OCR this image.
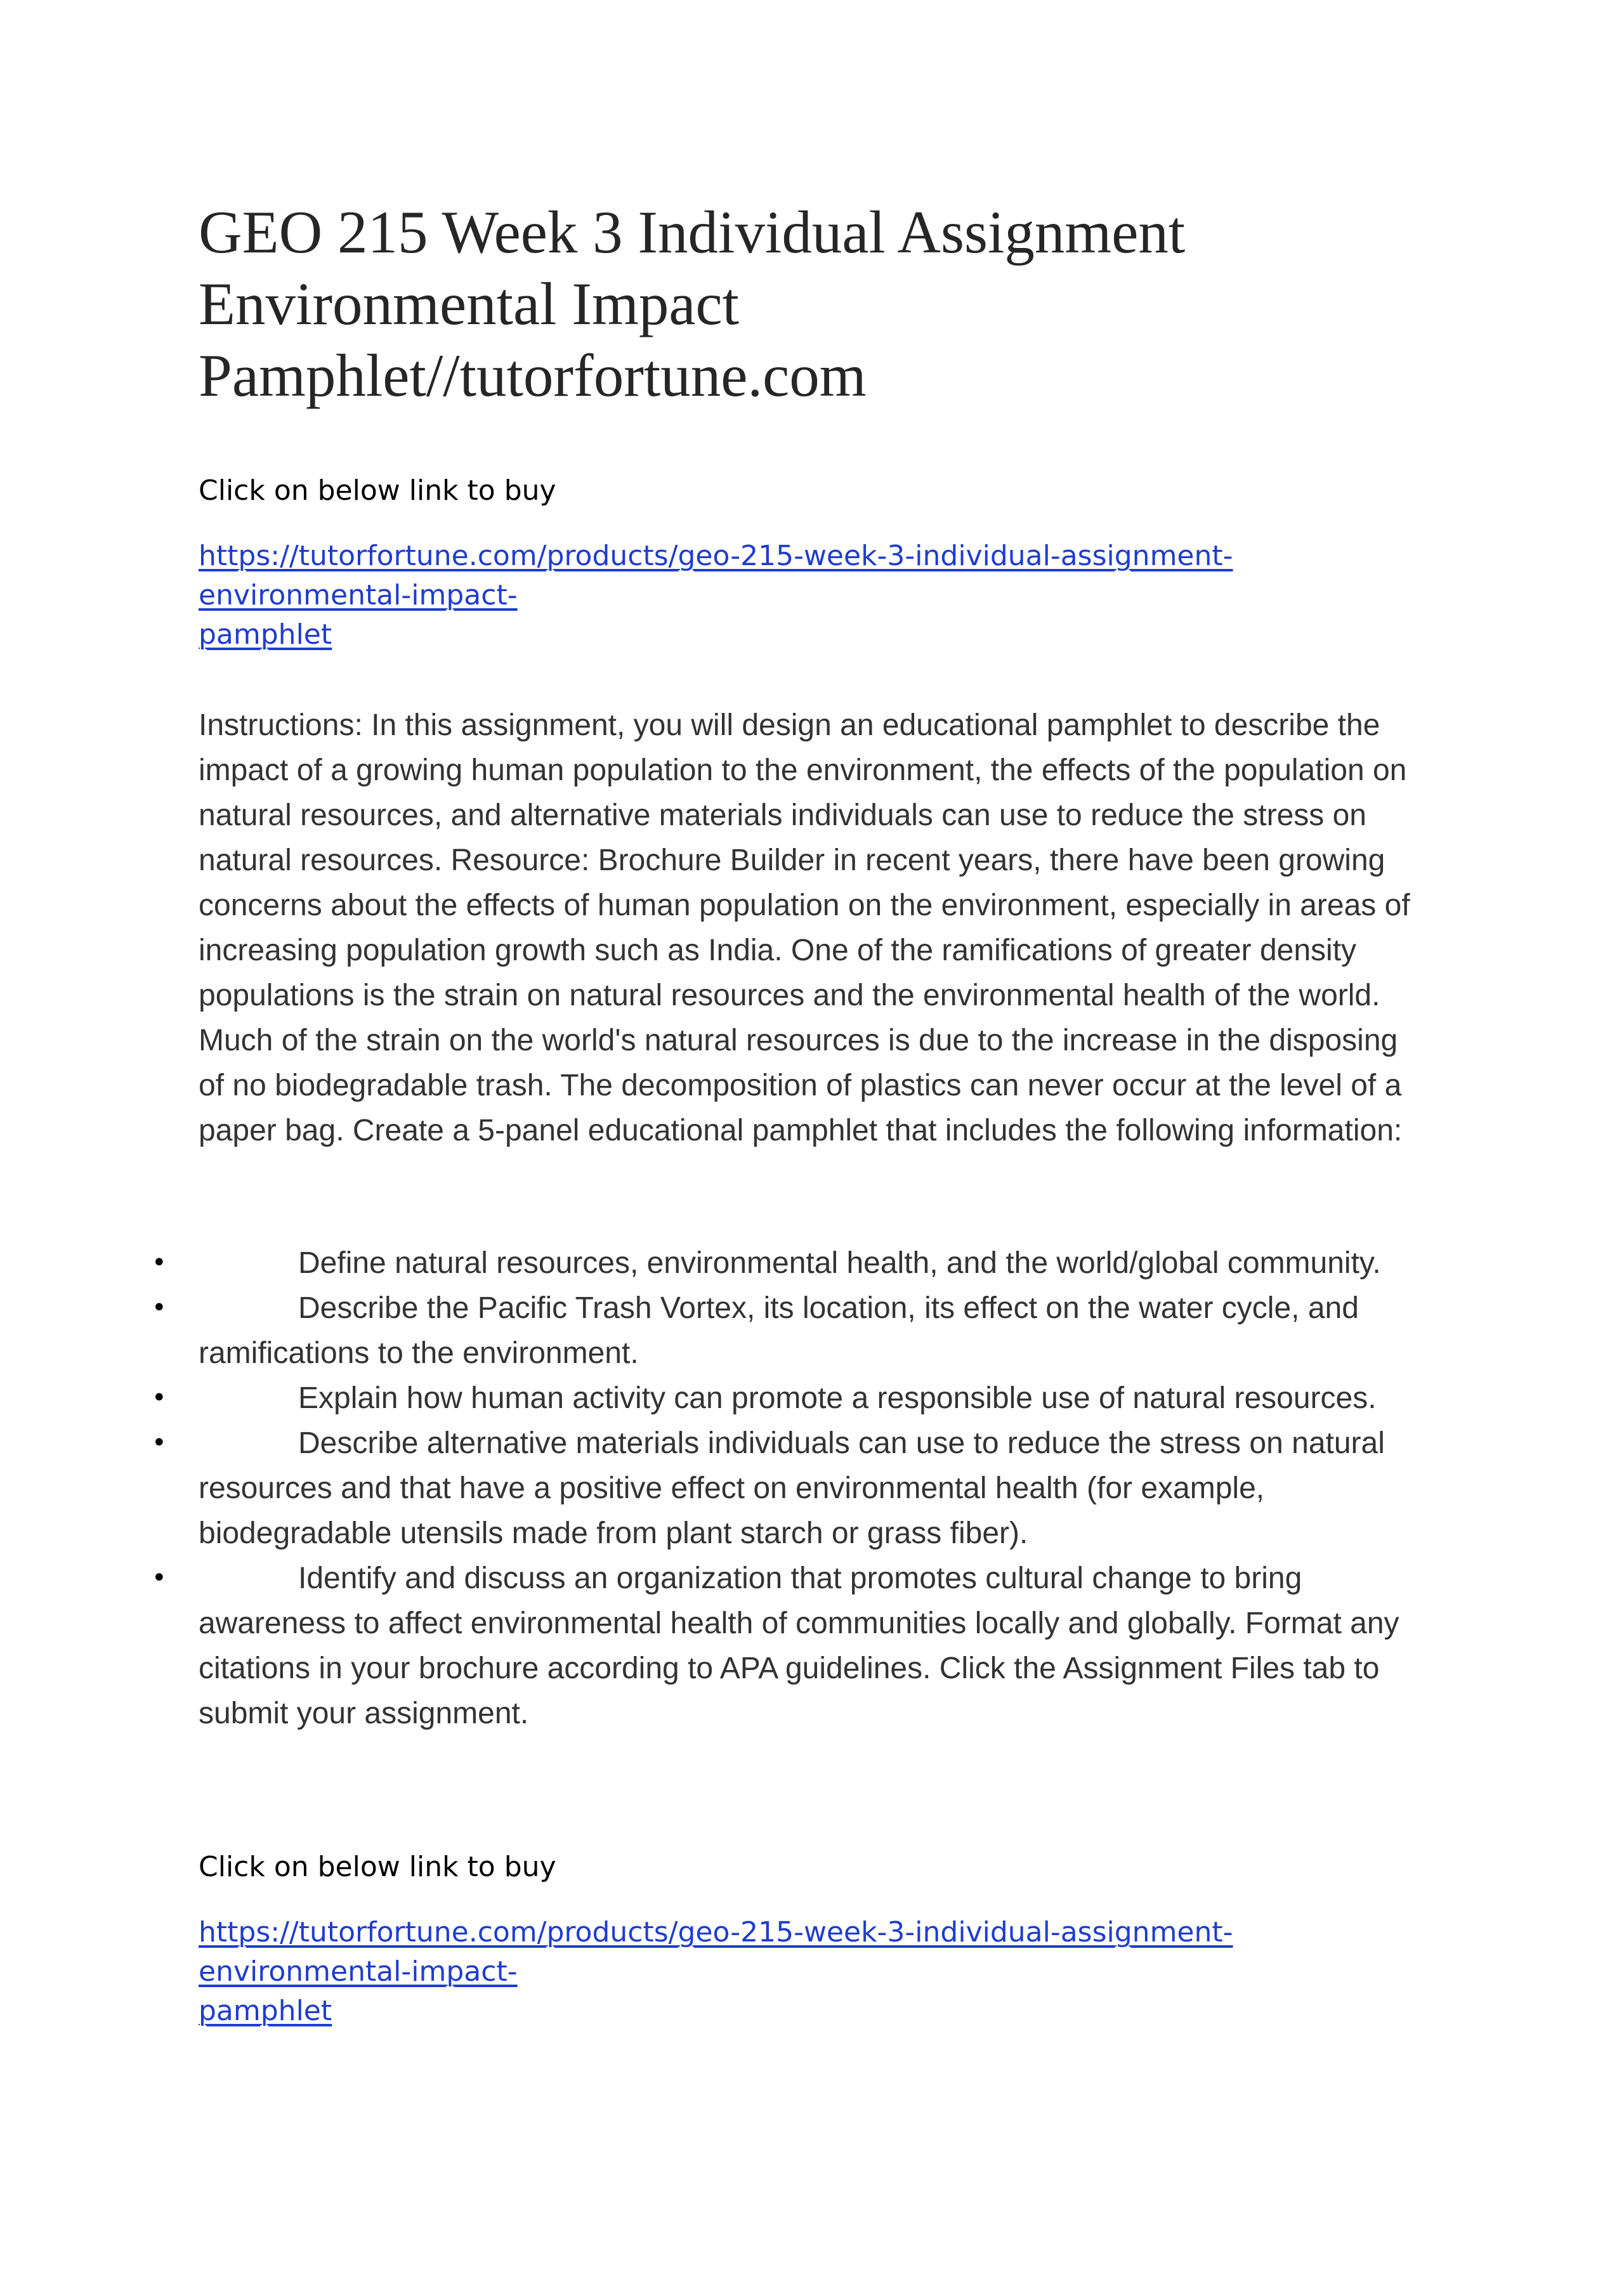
GEO 215 Week 3 Individual Assignment
Environmental Impact
Pamphlet//tutorfortune.com

Click on below link to buy

https://tutorfortune.com/products/geo-215-week-3-individual-assignment-environmental-impact-
pamphlet

Instructions: In this assignment, you will design an educational pamphlet to describe the impact of a growing human population to the environment, the effects of the population on natural resources, and alternative materials individuals can use to reduce the stress on natural resources. Resource: Brochure Builder in recent years, there have been growing concerns about the effects of human population on the environment, especially in areas of increasing population growth such as India. One of the ramifications of greater density populations is the strain on natural resources and the environmental health of the world. Much of the strain on the world's natural resources is due to the increase in the disposing of no biodegradable trash. The decomposition of plastics can never occur at the level of a paper bag. Create a 5-panel educational pamphlet that includes the following information:

•	Define natural resources, environmental health, and the world/global community.
•	Describe the Pacific Trash Vortex, its location, its effect on the water cycle, and ramifications to the environment.
•	Explain how human activity can promote a responsible use of natural resources.
•	Describe alternative materials individuals can use to reduce the stress on natural resources and that have a positive effect on environmental health (for example, biodegradable utensils made from plant starch or grass fiber).
•	Identify and discuss an organization that promotes cultural change to bring awareness to affect environmental health of communities locally and globally. Format any citations in your brochure according to APA guidelines. Click the Assignment Files tab to submit your assignment.

Click on below link to buy

https://tutorfortune.com/products/geo-215-week-3-individual-assignment-environmental-impact-
pamphlet
